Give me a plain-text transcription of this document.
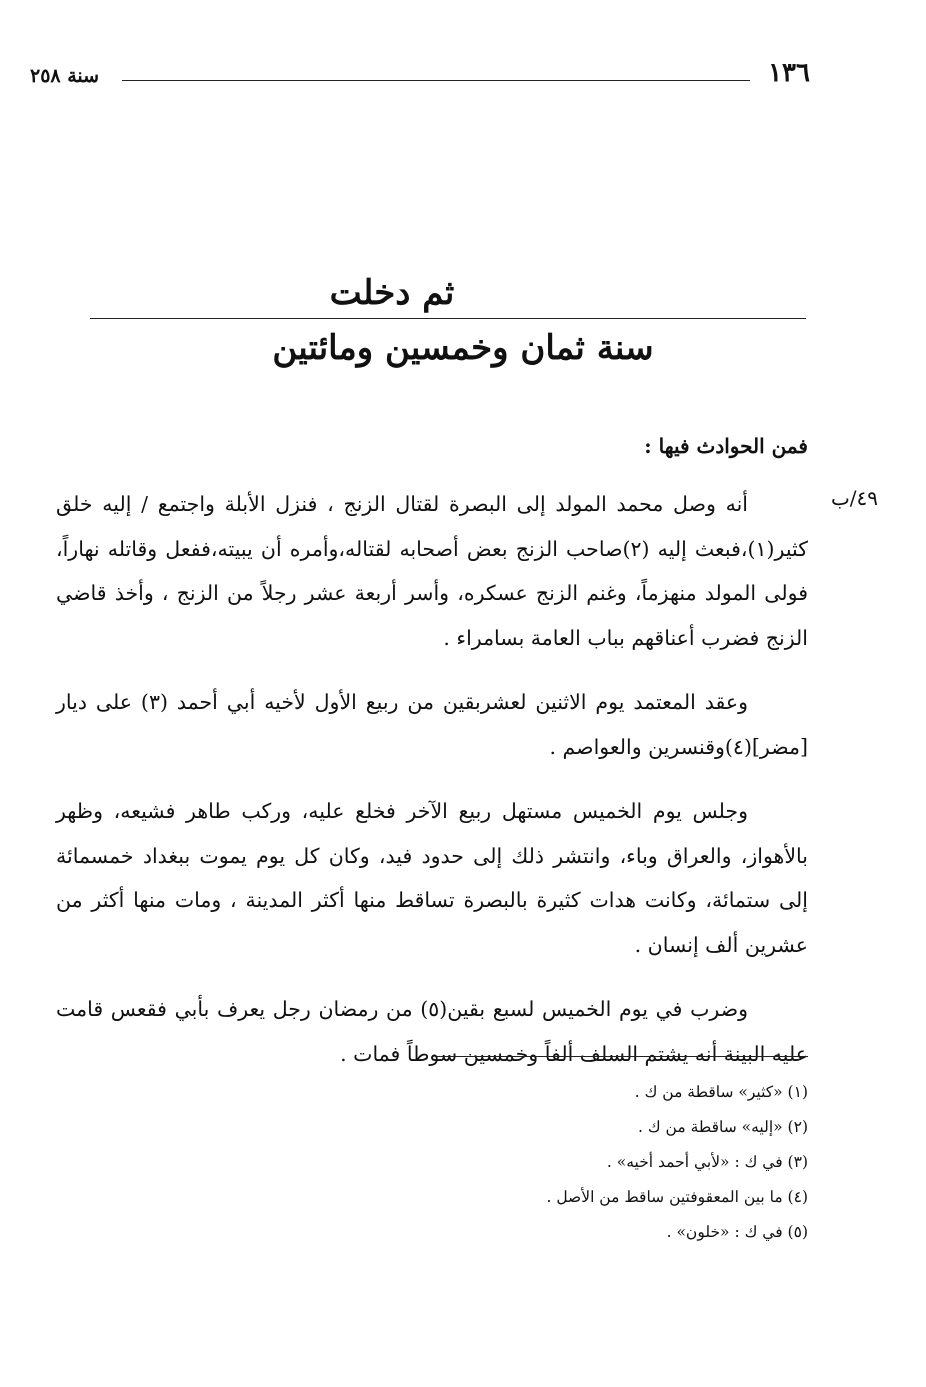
١٣٦
سنة ٢٥٨
ثم دخلت
سنة ثمان وخمسين ومائتين
فمن الحوادث فيها :
٤٩/ب

أنه وصل محمد المولد إلى البصرة لقتال الزنج ، فنزل الأبلة واجتمع / إليه خلق كثير(١)،فبعث إليه (٢)صاحب الزنج بعض أصحابه لقتاله،وأمره أن يبيته،ففعل وقاتله نهاراً، فولى المولد منهزماً، وغنم الزنج عسكره، وأسر أربعة عشر رجلاً من الزنج ، وأخذ قاضي الزنج فضرب أعناقهم بباب العامة بسامراء .

وعقد المعتمد يوم الاثنين لعشربقين من ربيع الأول لأخيه أبي أحمد (٣) على ديار [مضر](٤)وقنسرين والعواصم .

وجلس يوم الخميس مستهل ربيع الآخر فخلع عليه، وركب طاهر فشيعه، وظهر بالأهواز، والعراق وباء، وانتشر ذلك إلى حدود فيد، وكان كل يوم يموت ببغداد خمسمائة إلى ستمائة، وكانت هدات كثيرة بالبصرة تساقط منها أكثر المدينة ، ومات منها أكثر من عشرين ألف إنسان .

وضرب في يوم الخميس لسبع بقين(٥) من رمضان رجل يعرف بأبي فقعس قامت عليه البينة أنه يشتم السلف ألفاً وخمسين سوطاً فمات .

(١) «كثير» ساقطة من ك .
(٢) «إليه» ساقطة من ك .
(٣) في ك : «لأبي أحمد أخيه» .
(٤) ما بين المعقوفتين ساقط من الأصل .
(٥) في ك : «خلون» .
